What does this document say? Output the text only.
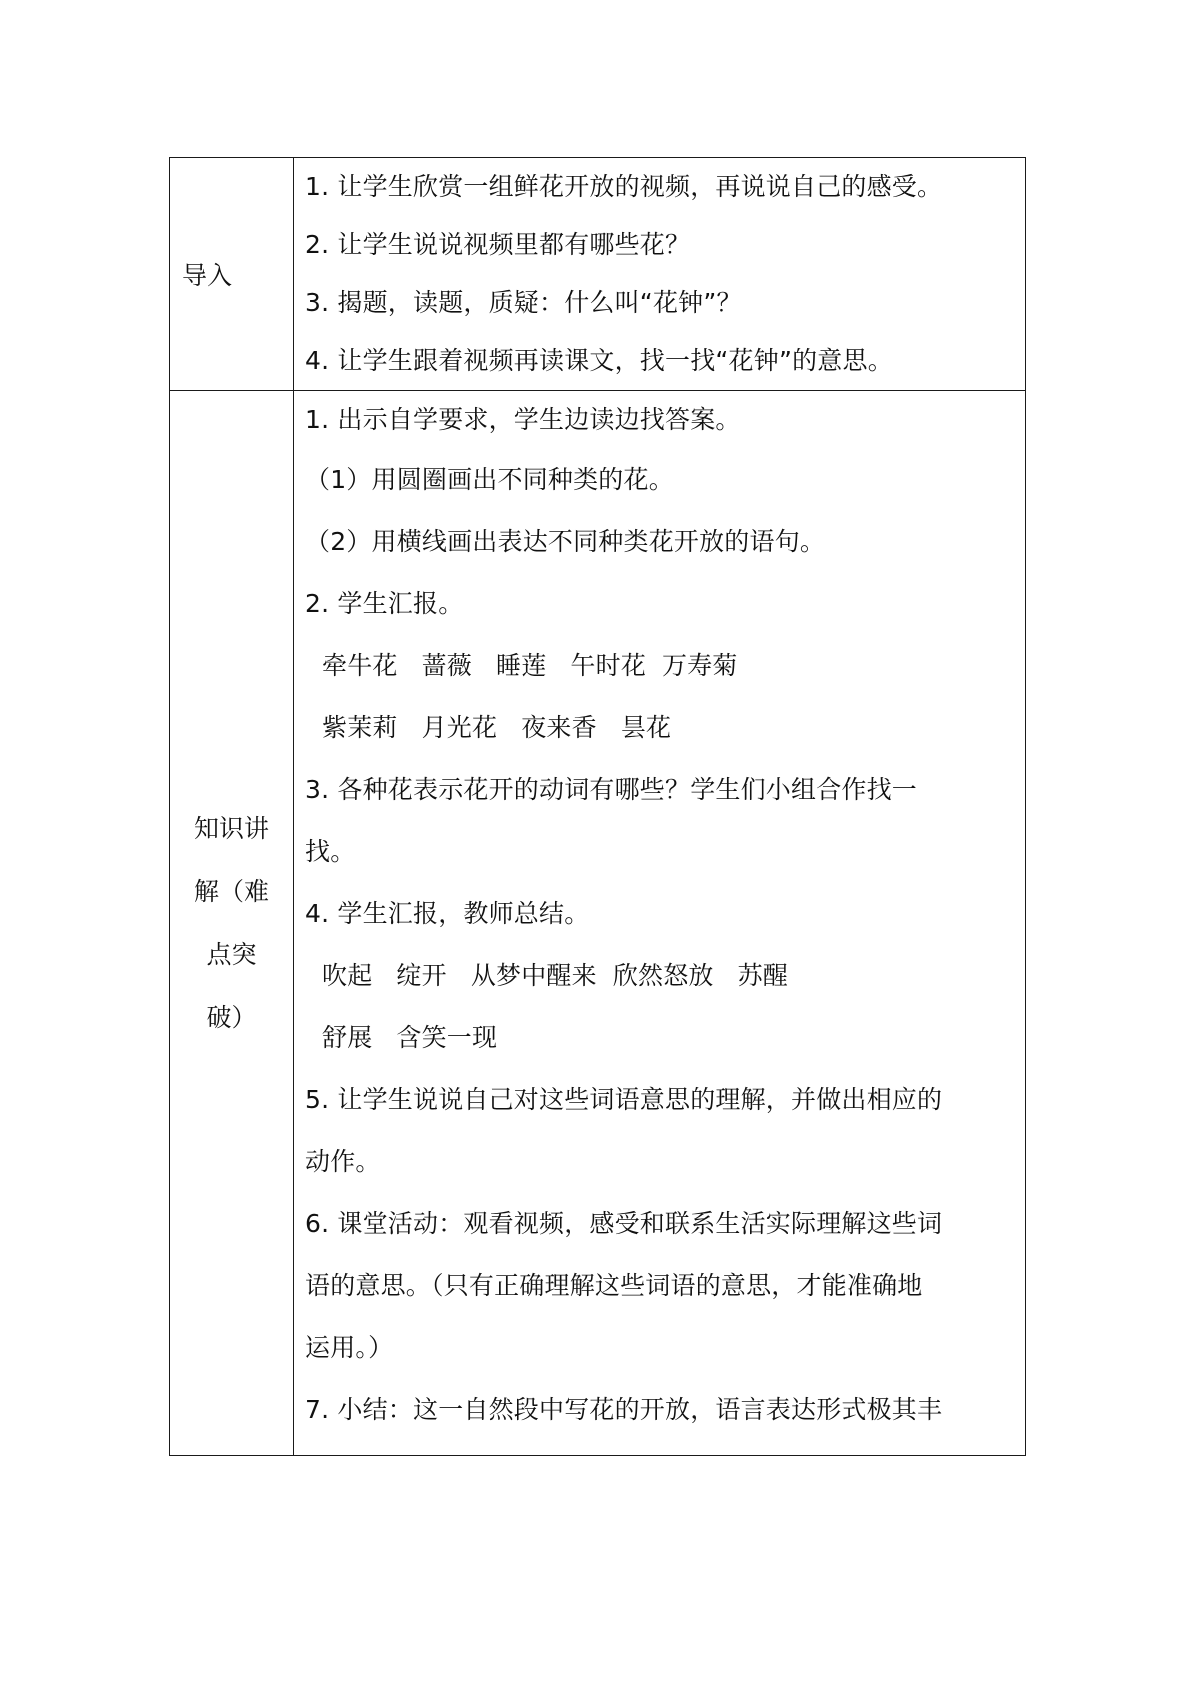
导入
1. 让学生欣赏一组鲜花开放的视频，再说说自己的感受。
2. 让学生说说视频里都有哪些花？
3. 揭题，读题，质疑：什么叫“花钟”？
4. 让学生跟着视频再读课文，找一找“花钟”的意思。
知识讲
解（难
点突
破）
1. 出示自学要求，学生边读边找答案。
（1）用圆圈画出不同种类的花。
（2）用横线画出表达不同种类花开放的语句。
2. 学生汇报。
牵牛花 蔷薇 睡莲 午时花 万寿菊
紫茉莉 月光花 夜来香 昙花
3. 各种花表示花开的动词有哪些？学生们小组合作找一
找。
4. 学生汇报，教师总结。
吹起 绽开 从梦中醒来 欣然怒放 苏醒
舒展 含笑一现
5. 让学生说说自己对这些词语意思的理解，并做出相应的
动作。
6. 课堂活动：观看视频，感受和联系生活实际理解这些词
语的意思。（只有正确理解这些词语的意思，才能准确地
运用。）
7. 小结：这一自然段中写花的开放，语言表达形式极其丰
